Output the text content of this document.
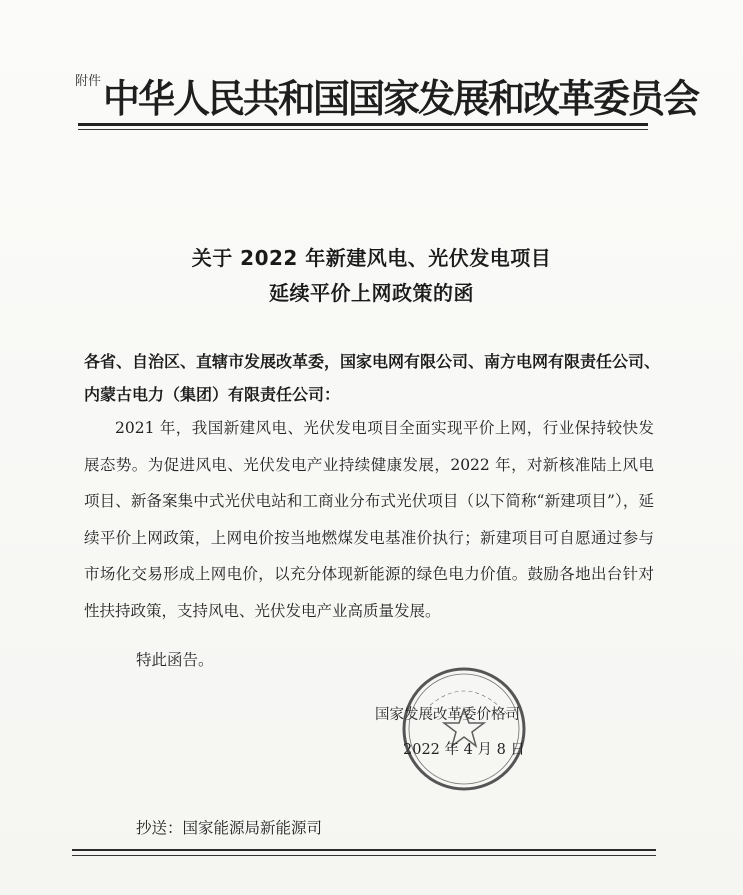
附件 中华人民共和国国家发展和改革委员会
关于 2022 年新建风电、光伏发电项目
延续平价上网政策的函
各省、自治区、直辖市发展改革委，国家电网有限公司、南方电网有限责任公司、内蒙古电力（集团）有限责任公司：

2021 年，我国新建风电、光伏发电项目全面实现平价上网，行业保持较快发展态势。为促进风电、光伏发电产业持续健康发展，2022 年，对新核准陆上风电项目、新备案集中式光伏电站和工商业分布式光伏项目（以下简称“新建项目”），延续平价上网政策，上网电价按当地燃煤发电基准价执行；新建项目可自愿通过参与市场化交易形成上网电价，以充分体现新能源的绿色电力价值。鼓励各地出台针对性扶持政策，支持风电、光伏发电产业高质量发展。

特此函告。
国家发展改革委价格司
2022 年 4 月 8 日
抄送：国家能源局新能源司
